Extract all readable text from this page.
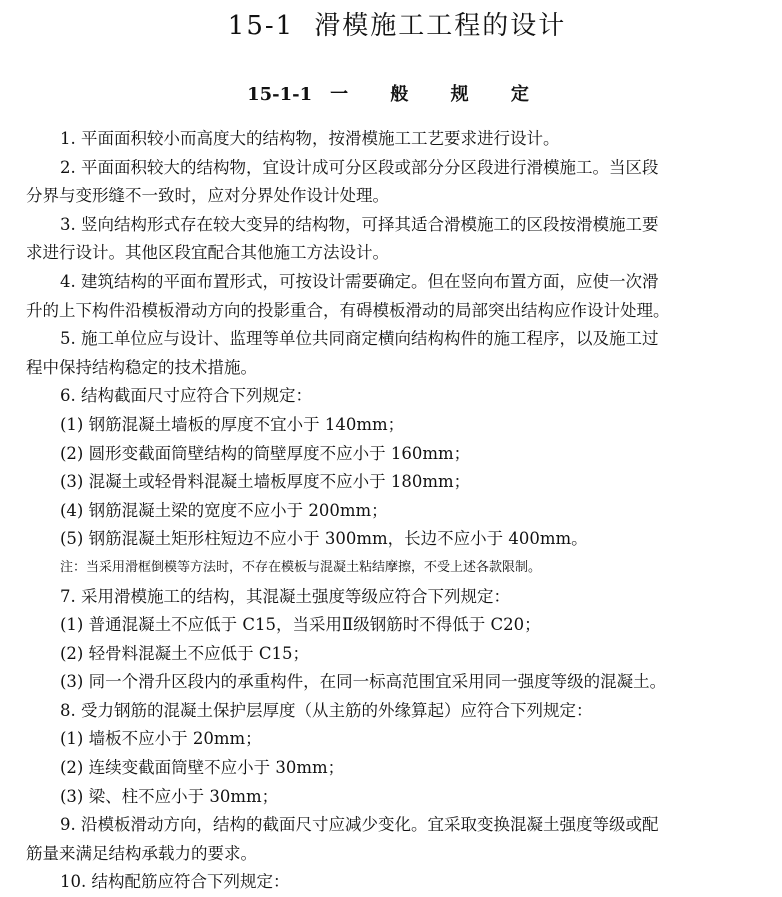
15-1 滑模施工工程的设计
15-1-1 一 般 规 定
1. 平面面积较小而高度大的结构物，按滑模施工工艺要求进行设计。
2. 平面面积较大的结构物，宜设计成可分区段或部分分区段进行滑模施工。当区段
分界与变形缝不一致时，应对分界处作设计处理。
3. 竖向结构形式存在较大变异的结构物，可择其适合滑模施工的区段按滑模施工要
求进行设计。其他区段宜配合其他施工方法设计。
4. 建筑结构的平面布置形式，可按设计需要确定。但在竖向布置方面，应使一次滑
升的上下构件沿模板滑动方向的投影重合，有碍模板滑动的局部突出结构应作设计处理。
5. 施工单位应与设计、监理等单位共同商定横向结构构件的施工程序，以及施工过
程中保持结构稳定的技术措施。
6. 结构截面尺寸应符合下列规定：
(1) 钢筋混凝土墙板的厚度不宜小于 140mm；
(2) 圆形变截面筒壁结构的筒壁厚度不应小于 160mm；
(3) 混凝土或轻骨料混凝土墙板厚度不应小于 180mm；
(4) 钢筋混凝土梁的宽度不应小于 200mm；
(5) 钢筋混凝土矩形柱短边不应小于 300mm，长边不应小于 400mm。
注：当采用滑框倒模等方法时，不存在模板与混凝土粘结摩擦，不受上述各款限制。
7. 采用滑模施工的结构，其混凝土强度等级应符合下列规定：
(1) 普通混凝土不应低于 C15，当采用Ⅱ级钢筋时不得低于 C20；
(2) 轻骨料混凝土不应低于 C15；
(3) 同一个滑升区段内的承重构件，在同一标高范围宜采用同一强度等级的混凝土。
8. 受力钢筋的混凝土保护层厚度（从主筋的外缘算起）应符合下列规定：
(1) 墙板不应小于 20mm；
(2) 连续变截面筒壁不应小于 30mm；
(3) 梁、柱不应小于 30mm；
9. 沿模板滑动方向，结构的截面尺寸应减少变化。宜采取变换混凝土强度等级或配
筋量来满足结构承载力的要求。
10. 结构配筋应符合下列规定：
